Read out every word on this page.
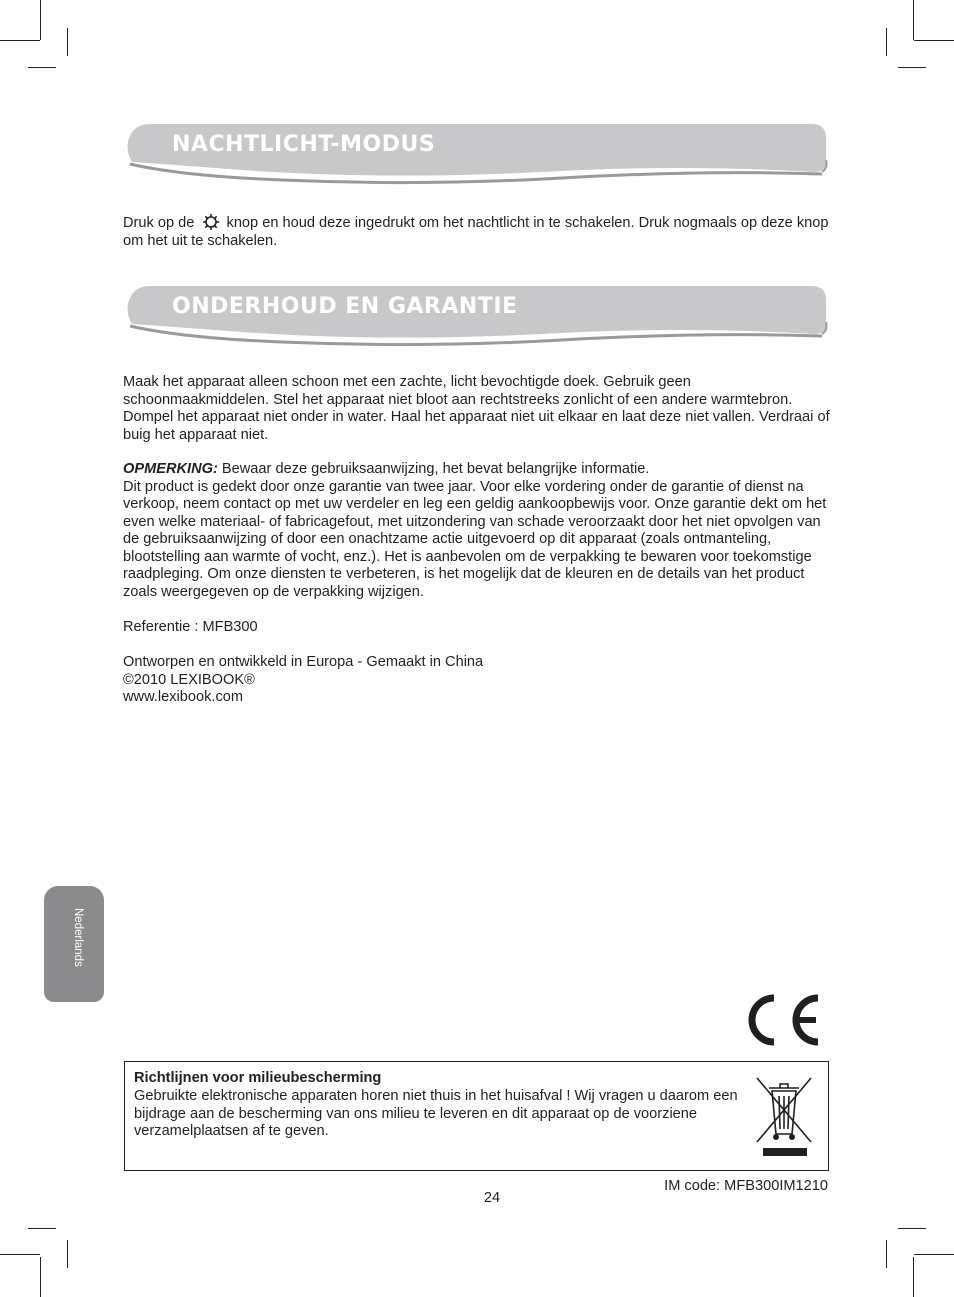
NACHTLICHT-MODUS

Druk op de knop en houd deze ingedrukt om het nachtlicht in te schakelen. Druk nogmaals op deze knop om het uit te schakelen.

ONDERHOUD EN GARANTIE

Maak het apparaat alleen schoon met een zachte, licht bevochtigde doek. Gebruik geen schoonmaakmiddelen. Stel het apparaat niet bloot aan rechtstreeks zonlicht of een andere warmtebron. Dompel het apparaat niet onder in water. Haal het apparaat niet uit elkaar en laat deze niet vallen. Verdraai of buig het apparaat niet.

OPMERKING: Bewaar deze gebruiksaanwijzing, het bevat belangrijke informatie.

Dit product is gedekt door onze garantie van twee jaar. Voor elke vordering onder de garantie of dienst na verkoop, neem contact op met uw verdeler en leg een geldig aankoopbewijs voor. Onze garantie dekt om het even welke materiaal- of fabricagefout, met uitzondering van schade veroorzaakt door het niet opvolgen van de gebruiksaanwijzing of door een onachtzame actie uitgevoerd op dit apparaat (zoals ontmanteling, blootstelling aan warmte of vocht, enz.). Het is aanbevolen om de verpakking te bewaren voor toekomstige raadpleging. Om onze diensten te verbeteren, is het mogelijk dat de kleuren en de details van het product zoals weergegeven op de verpakking wijzigen.

Referentie : MFB300

Ontworpen en ontwikkeld in Europa - Gemaakt in China

©2010 LEXIBOOK®

www.lexibook.com

Nederlands
Richtlijnen voor milieubescherming

Gebruikte elektronische apparaten horen niet thuis in het huisafval ! Wij vragen u daarom een bijdrage aan de bescherming van ons milieu te leveren en dit apparaat op de voorziene verzamelplaatsen af te geven.

IM code: MFB300IM1210
24
